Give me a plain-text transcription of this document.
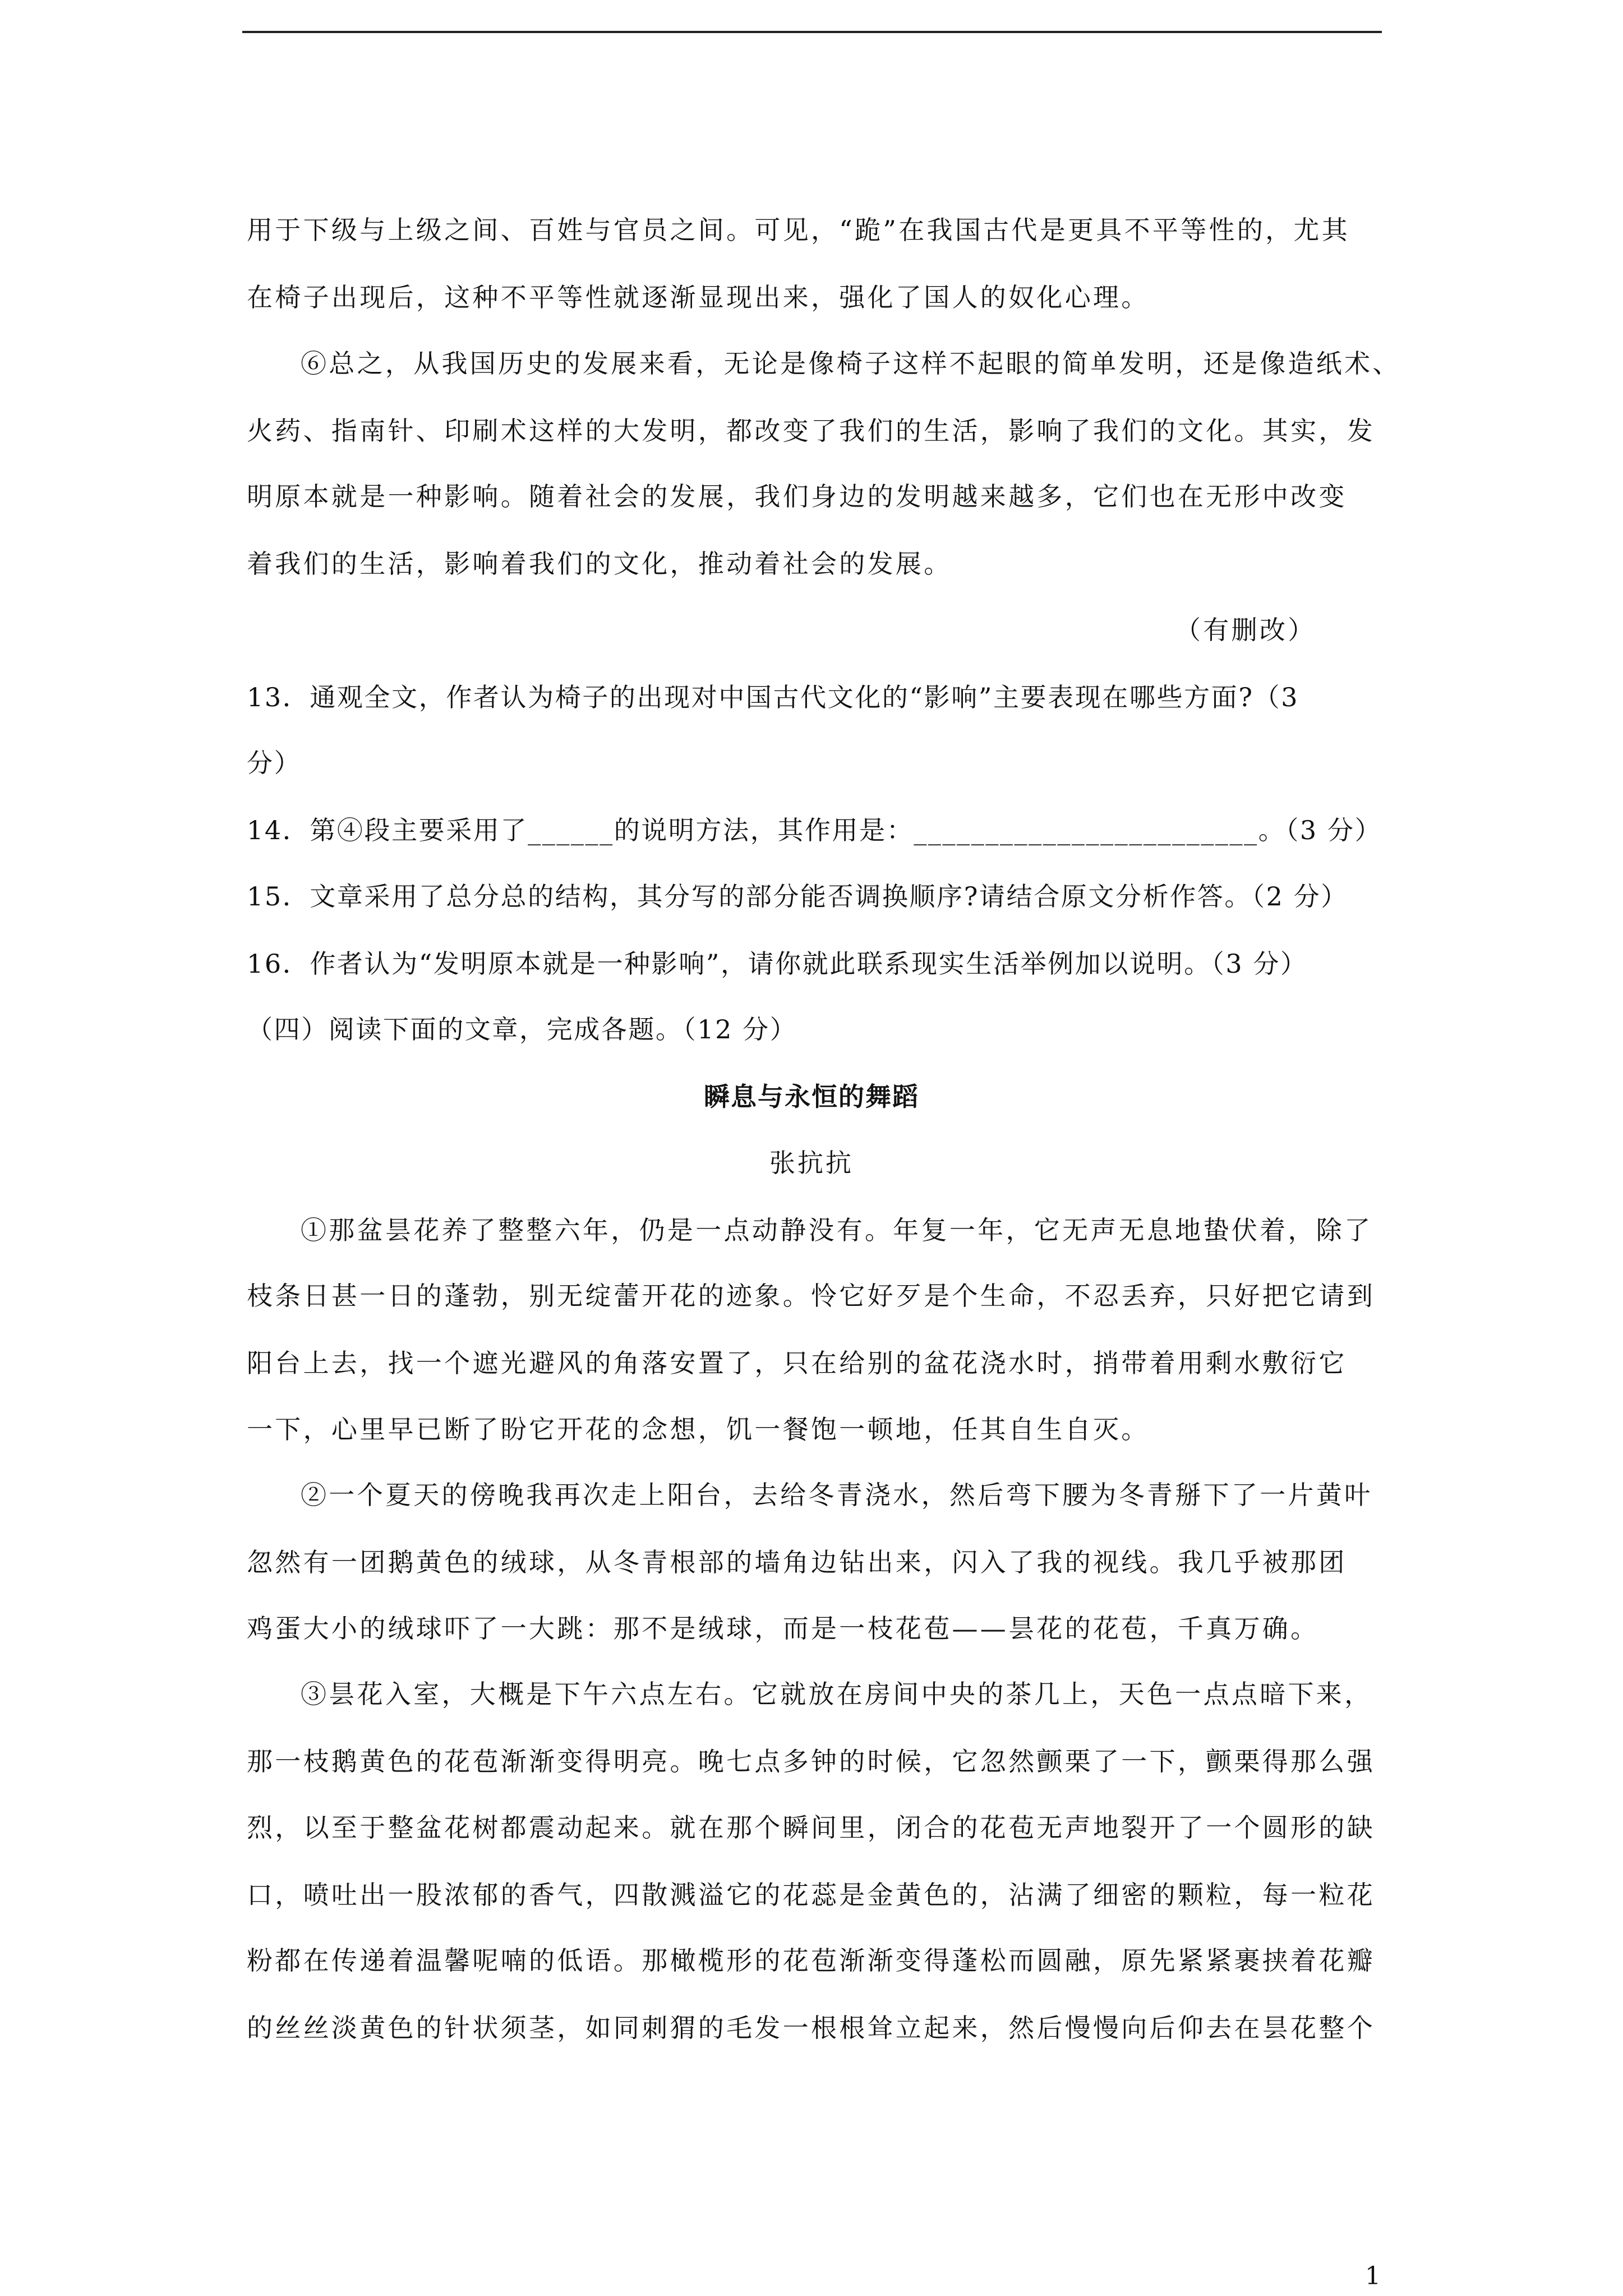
用于下级与上级之间、百姓与官员之间。可见，“跪”在我国古代是更具不平等性的，尤其
在椅子出现后，这种不平等性就逐渐显现出来，强化了国人的奴化心理。
⑥总之，从我国历史的发展来看，无论是像椅子这样不起眼的简单发明，还是像造纸术、
火药、指南针、印刷术这样的大发明，都改变了我们的生活，影响了我们的文化。其实，发
明原本就是一种影响。随着社会的发展，我们身边的发明越来越多，它们也在无形中改变
着我们的生活，影响着我们的文化，推动着社会的发展。
（有删改）
13．通观全文，作者认为椅子的出现对中国古代文化的“影响”主要表现在哪些方面?（3
分）
14．第④段主要采用了______的说明方法，其作用是：________________________。（3 分）
15．文章采用了总分总的结构，其分写的部分能否调换顺序?请结合原文分析作答。（2 分）
16．作者认为“发明原本就是一种影响”，请你就此联系现实生活举例加以说明。（3 分）
（四）阅读下面的文章，完成各题。（12 分）
瞬息与永恒的舞蹈
张抗抗
①那盆昙花养了整整六年，仍是一点动静没有。年复一年，它无声无息地蛰伏着，除了
枝条日甚一日的蓬勃，别无绽蕾开花的迹象。怜它好歹是个生命，不忍丢弃，只好把它请到
阳台上去，找一个遮光避风的角落安置了，只在给别的盆花浇水时，捎带着用剩水敷衍它
一下，心里早已断了盼它开花的念想，饥一餐饱一顿地，任其自生自灭。
②一个夏天的傍晚我再次走上阳台，去给冬青浇水，然后弯下腰为冬青掰下了一片黄叶
忽然有一团鹅黄色的绒球，从冬青根部的墙角边钻出来，闪入了我的视线。我几乎被那团
鸡蛋大小的绒球吓了一大跳：那不是绒球，而是一枝花苞——昙花的花苞，千真万确。
③昙花入室，大概是下午六点左右。它就放在房间中央的茶几上，天色一点点暗下来，
那一枝鹅黄色的花苞渐渐变得明亮。晚七点多钟的时候，它忽然颤栗了一下，颤栗得那么强
烈，以至于整盆花树都震动起来。就在那个瞬间里，闭合的花苞无声地裂开了一个圆形的缺
口，喷吐出一股浓郁的香气，四散溅溢它的花蕊是金黄色的，沾满了细密的颗粒，每一粒花
粉都在传递着温馨呢喃的低语。那橄榄形的花苞渐渐变得蓬松而圆融，原先紧紧裹挟着花瓣
的丝丝淡黄色的针状须茎，如同刺猬的毛发一根根耸立起来，然后慢慢向后仰去在昙花整个
1
